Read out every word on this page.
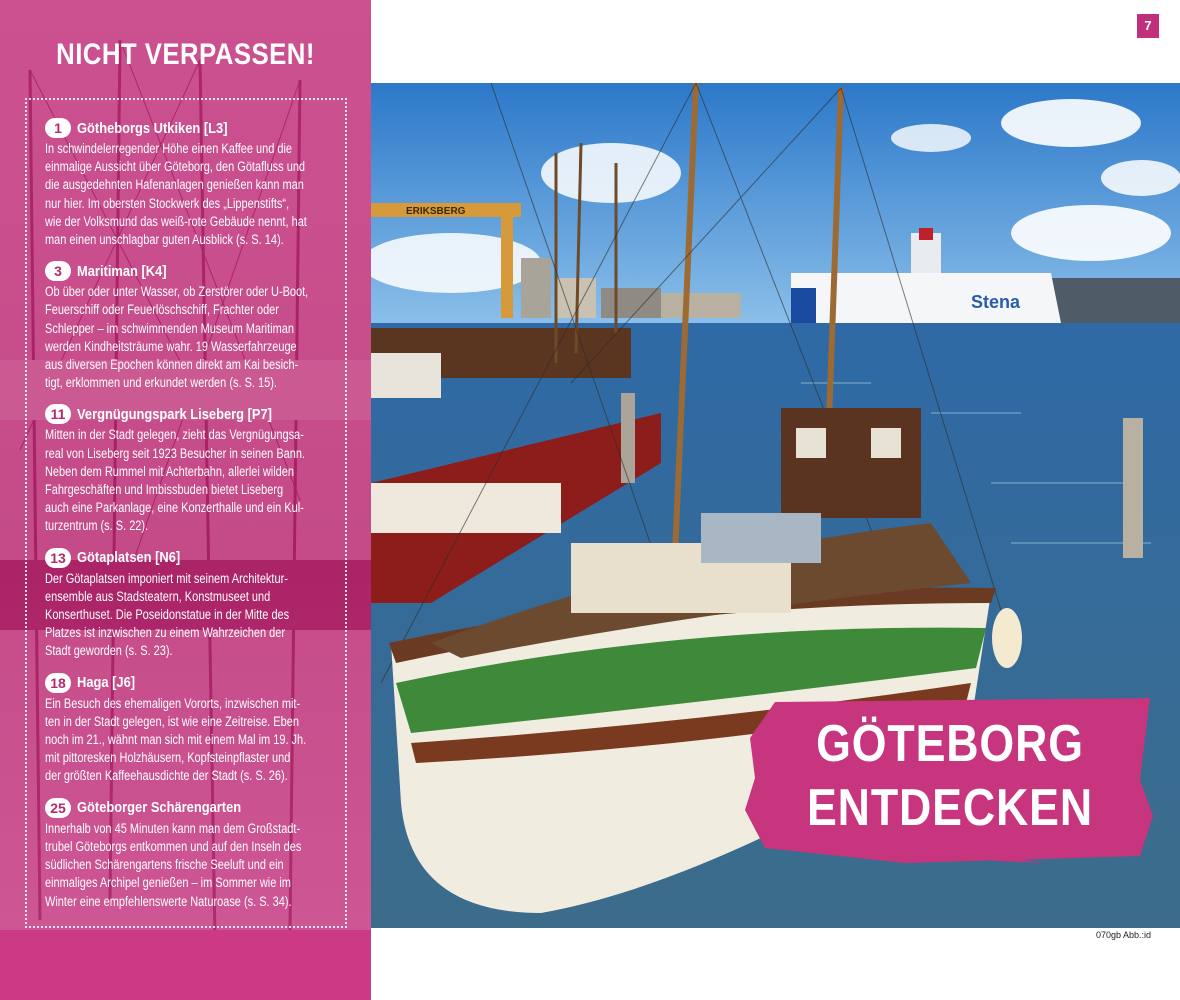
7
NICHT VERPASSEN!
1	Götheborgs Utkiken [L3]
In schwindelerregender Höhe einen Kaffee und die
einmalige Aussicht über Göteborg, den Götafluss und
die ausgedehnten Hafenanlagen genießen kann man
nur hier. Im obersten Stockwerk des „Lippenstifts“,
wie der Volksmund das weiß-rote Gebäude nennt, hat
man einen unschlagbar guten Ausblick (s. S. 14).
3	Maritiman [K4]
Ob über oder unter Wasser, ob Zerstörer oder U-Boot,
Feuerschiff oder Feuerlöschschiff, Frachter oder
Schlepper – im schwimmenden Museum Maritiman
werden Kindheitsträume wahr. 19 Wasserfahrzeuge
aus diversen Epochen können direkt am Kai besich-
tigt, erklommen und erkundet werden (s. S. 15).
11 Vergnügungspark Liseberg [P7]
Mitten in der Stadt gelegen, zieht das Vergnügungsa-
real von Liseberg seit 1923 Besucher in seinen Bann.
Neben dem Rummel mit Achterbahn, allerlei wilden
Fahrgeschäften und Imbissbuden bietet Liseberg
auch eine Parkanlage, eine Konzerthalle und ein Kul-
turzentrum (s. S. 22).
13 Götaplatsen [N6]
Der Götaplatsen imponiert mit seinem Architektur-
ensemble aus Stadsteatern, Konstmuseet und
Konserthuset. Die Poseidonstatue in der Mitte des
Platzes ist inzwischen zu einem Wahrzeichen der
Stadt geworden (s. S. 23).
18 Haga [J6]
Ein Besuch des ehemaligen Vororts, inzwischen mit-
ten in der Stadt gelegen, ist wie eine Zeitreise. Eben
noch im 21., wähnt man sich mit einem Mal im 19. Jh.
mit pittoresken Holzhäusern, Kopfsteinpflaster und
der größten Kaffeehausdichte der Stadt (s. S. 26).
25 Göteborger Schärengarten
Innerhalb von 45 Minuten kann man dem Großstadt-
trubel Göteborgs entkommen und auf den Inseln des
südlichen Schärengartens frische Seeluft und ein
einmaliges Archipel genießen – im Sommer wie im
Winter eine empfehlenswerte Naturoase (s. S. 34).
ERIKSBERG
Stena
GÖTEBORG
ENTDECKEN
070gb Abb.:id
